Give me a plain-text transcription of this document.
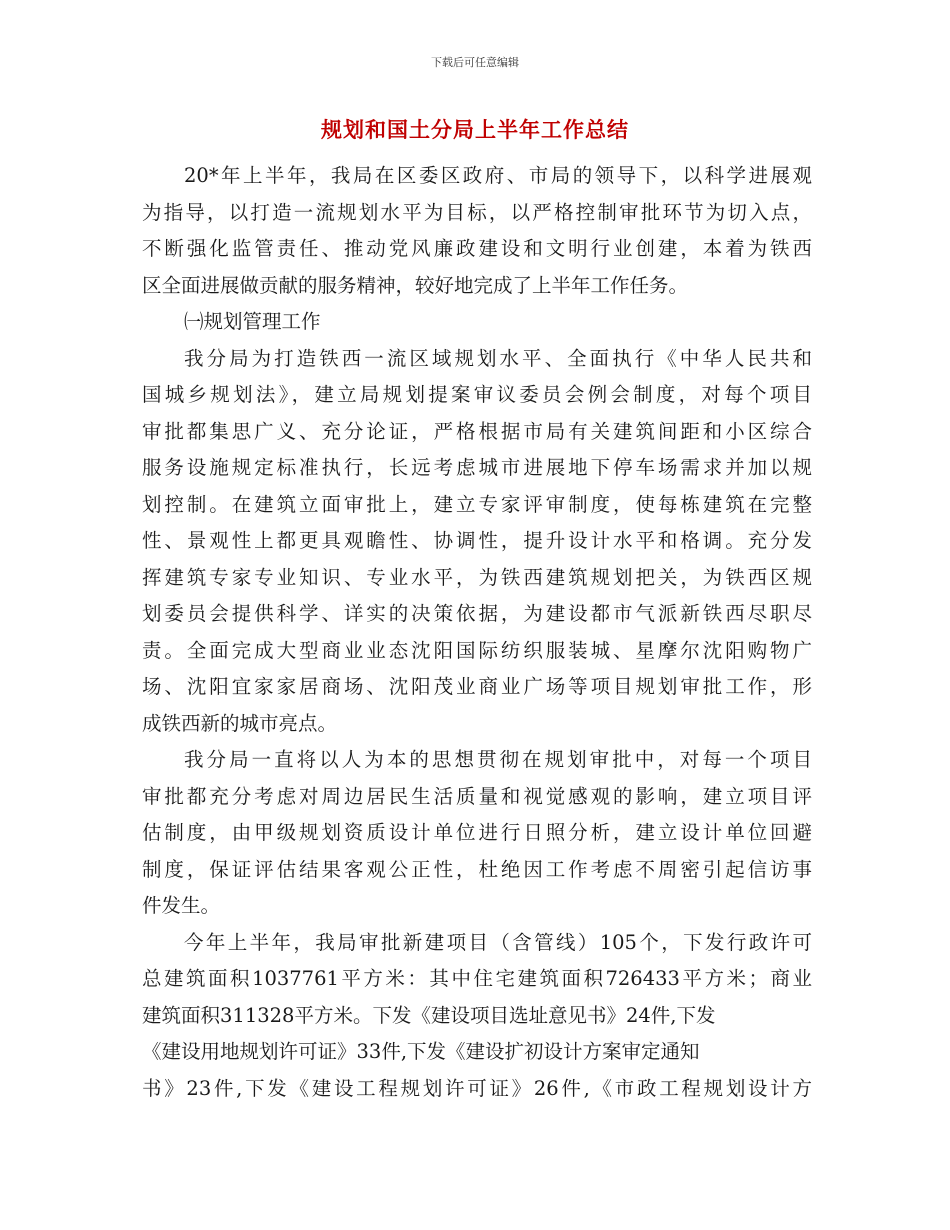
下载后可任意编辑
规划和国土分局上半年工作总结
20*年上半年，我局在区委区政府、市局的领导下，以科学进展观
为指导，以打造一流规划水平为目标，以严格控制审批环节为切入点，
不断强化监管责任、推动党风廉政建设和文明行业创建，本着为铁西
区全面进展做贡献的服务精神，较好地完成了上半年工作任务。
㈠规划管理工作
我分局为打造铁西一流区域规划水平、全面执行《中华人民共和
国城乡规划法》，建立局规划提案审议委员会例会制度，对每个项目
审批都集思广义、充分论证，严格根据市局有关建筑间距和小区综合
服务设施规定标准执行，长远考虑城市进展地下停车场需求并加以规
划控制。在建筑立面审批上，建立专家评审制度，使每栋建筑在完整
性、景观性上都更具观瞻性、协调性，提升设计水平和格调。充分发
挥建筑专家专业知识、专业水平，为铁西建筑规划把关，为铁西区规
划委员会提供科学、详实的决策依据，为建设都市气派新铁西尽职尽
责。全面完成大型商业业态沈阳国际纺织服装城、星摩尔沈阳购物广
场、沈阳宜家家居商场、沈阳茂业商业广场等项目规划审批工作，形
成铁西新的城市亮点。
我分局一直将以人为本的思想贯彻在规划审批中，对每一个项目
审批都充分考虑对周边居民生活质量和视觉感观的影响，建立项目评
估制度，由甲级规划资质设计单位进行日照分析，建立设计单位回避
制度，保证评估结果客观公正性，杜绝因工作考虑不周密引起信访事
件发生。
今年上半年，我局审批新建项目（含管线）105个，下发行政许可
总建筑面积1037761平方米：其中住宅建筑面积726433平方米；商业
建筑面积311328平方米。下发《建设项目选址意见书》24件,下发
《建设用地规划许可证》33件,下发《建设扩初设计方案审定通知
书》23件,下发《建设工程规划许可证》26件,《市政工程规划设计方
